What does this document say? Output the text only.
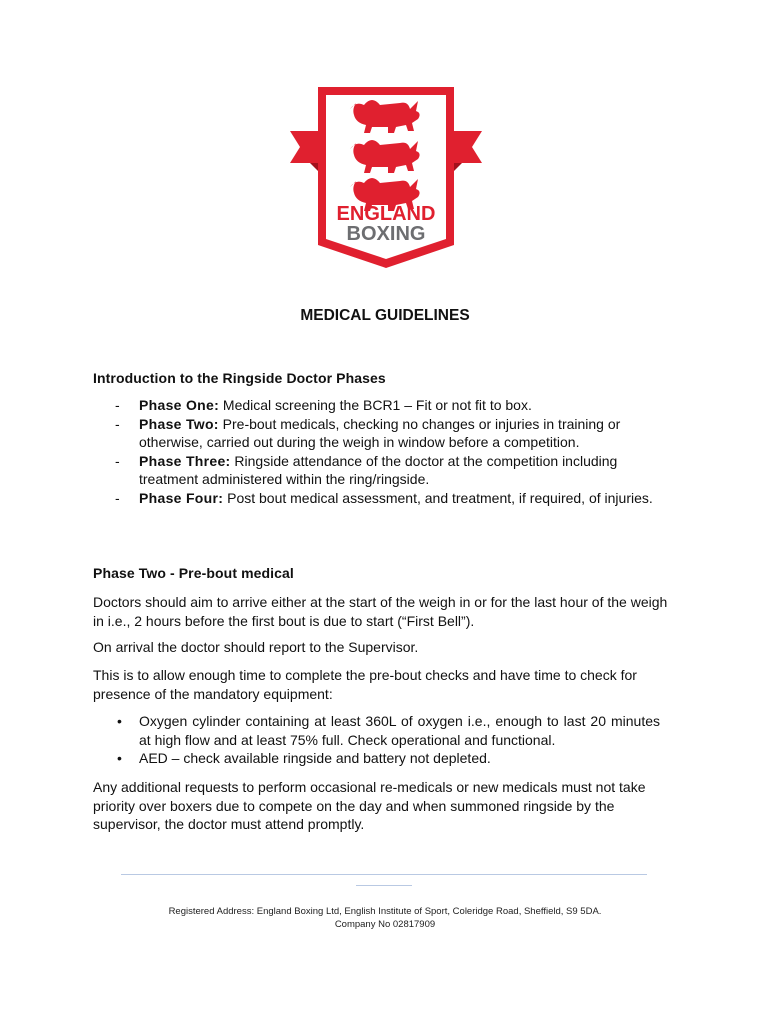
ENGLAND
BOXING
MEDICAL GUIDELINES
Introduction to the Ringside Doctor Phases

- Phase One: Medical screening the BCR1 – Fit or not fit to box.

- Phase Two: Pre-bout medicals, checking no changes or injuries in training or otherwise, carried out during the weigh in window before a competition.

- Phase Three: Ringside attendance of the doctor at the competition including treatment administered within the ring/ringside.

- Phase Four: Post bout medical assessment, and treatment, if required, of injuries.

Phase Two - Pre-bout medical
Doctors should aim to arrive either at the start of the weigh in or for the last hour of the weigh in i.e., 2 hours before the first bout is due to start (“First Bell”).
On arrival the doctor should report to the Supervisor.
This is to allow enough time to complete the pre-bout checks and have time to check for presence of the mandatory equipment:
• Oxygen cylinder containing at least 360L of oxygen i.e., enough to last 20 minutes at high flow and at least 75% full. Check operational and functional.
• AED – check available ringside and battery not depleted.
Any additional requests to perform occasional re-medicals or new medicals must not take priority over boxers due to compete on the day and when summoned ringside by the supervisor, the doctor must attend promptly.
Registered Address: England Boxing Ltd, English Institute of Sport, Coleridge Road, Sheffield, S9 5DA.
Company No 02817909
